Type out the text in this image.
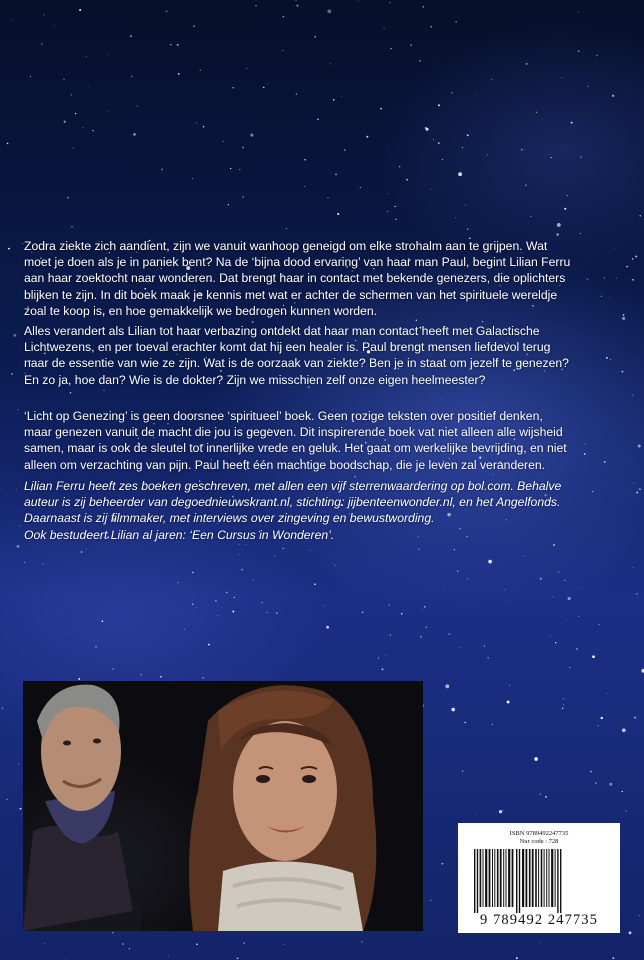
Zodra ziekte zich aandient, zijn we vanuit wanhoop geneigd om elke strohalm aan te grijpen. Wat
moet je doen als je in paniek bent? Na de ‘bijna dood ervaring’ van haar man Paul, begint Lilian Ferru
aan haar zoektocht naar wonderen. Dat brengt haar in contact met bekende genezers, die oplichters
blijken te zijn. In dit boek maak je kennis met wat er achter de schermen van het spirituele wereldje
zoal te koop is, en hoe gemakkelijk we bedrogen kunnen worden.

Alles verandert als Lilian tot haar verbazing ontdekt dat haar man contact heeft met Galactische
Lichtwezens, en per toeval erachter komt dat hij een healer is. Paul brengt mensen liefdevol terug
naar de essentie van wie ze zijn. Wat is de oorzaak van ziekte? Ben je in staat om jezelf te genezen?
En zo ja, hoe dan? Wie is de dokter? Zijn we misschien zelf onze eigen heelmeester?

‘Licht op Genezing’ is geen doorsnee ‘spiritueel’ boek. Geen rozige teksten over positief denken,
maar genezen vanuit de macht die jou is gegeven. Dit inspirerende boek vat niet alleen alle wijsheid
samen, maar is ook de sleutel tot innerlijke vrede en geluk. Het gaat om werkelijke bevrijding, en niet
alleen om verzachting van pijn. Paul heeft één machtige boodschap, die je leven zal veranderen.

Lilian Ferru heeft zes boeken geschreven, met allen een vijf sterrenwaardering op bol.com. Behalve
auteur is zij beheerder van degoednieuwskrant.nl, stichting: jijbenteenwonder.nl, en het Angelfonds.
Daarnaast is zij filmmaker, met interviews over zingeving en bewustwording.
Ook bestudeert Lilian al jaren: ‘Een Cursus in Wonderen’.

ISBN 9789492247735
Nur code : 728
9 789492 247735
